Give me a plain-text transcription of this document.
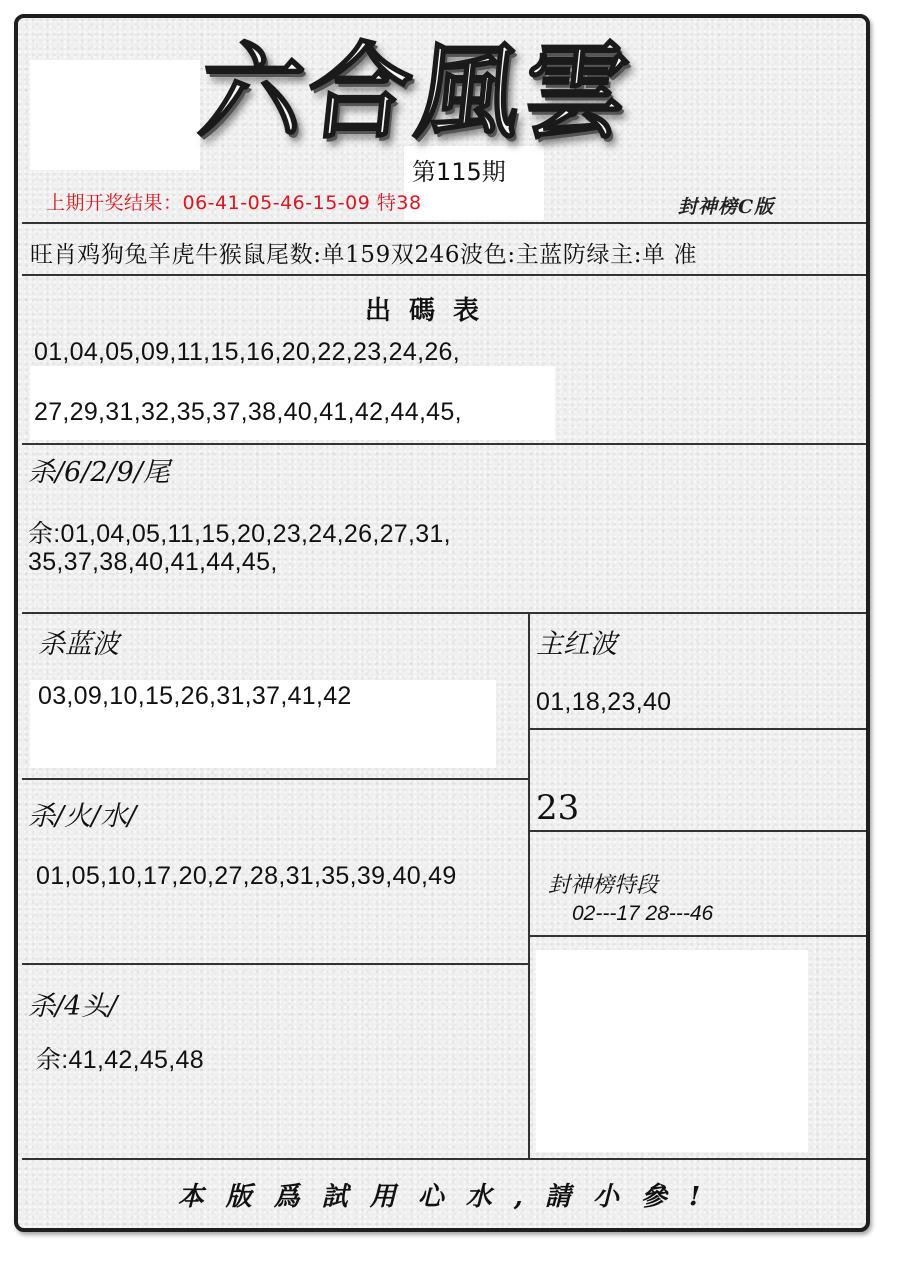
六合風雲
第115期
上期开奖结果：06-41-05-46-15-09 特38	封神榜C版
旺肖鸡狗兔羊虎牛猴鼠尾数:单159双246波色:主蓝防绿主:单 准
出碼表
01,04,05,09,11,15,16,20,22,23,24,26,
27,29,31,32,35,37,38,40,41,42,44,45,
杀/6/2/9/尾
余:01,04,05,11,15,20,23,24,26,27,31,
35,37,38,40,41,44,45,
杀蓝波
03,09,10,15,26,31,37,41,42
主红波
01,18,23,40
23
杀/火/水/
01,05,10,17,20,27,28,31,35,39,40,49	封神榜特段
02---17 28---46
杀/4头/
余:41,42,45,48
本版爲試用心水,請小參!
